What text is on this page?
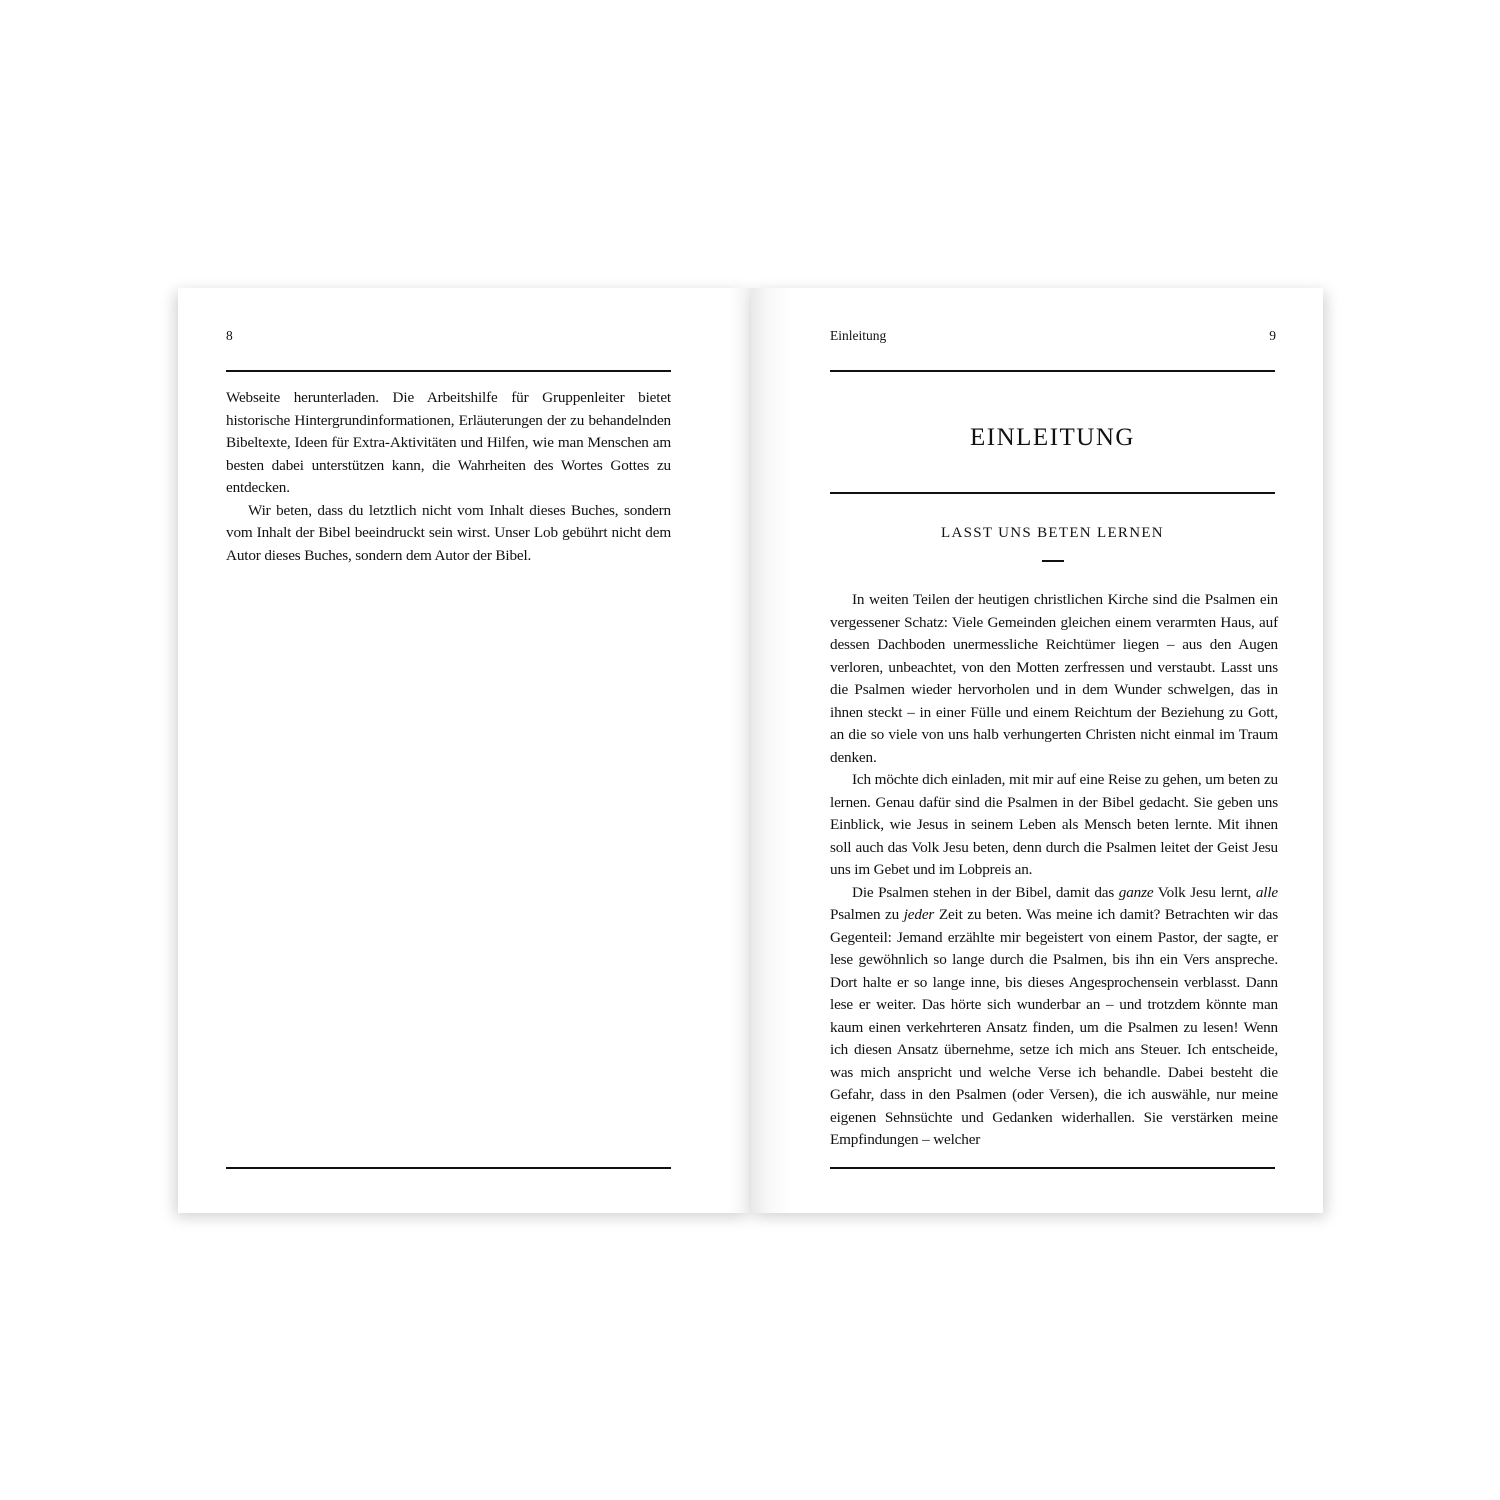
8

Webseite herunterladen. Die Arbeitshilfe für Gruppenleiter bietet historische Hintergrundinformationen, Erläuterungen der zu behandelnden Bibeltexte, Ideen für Extra-Aktivitäten und Hilfen, wie man Menschen am besten dabei unterstützen kann, die Wahrheiten des Wortes Gottes zu entdecken.

Wir beten, dass du letztlich nicht vom Inhalt dieses Buches, sondern vom Inhalt der Bibel beeindruckt sein wirst. Unser Lob gebührt nicht dem Autor dieses Buches, sondern dem Autor der Bibel.

Einleitung	9
EINLEITUNG
LASST UNS BETEN LERNEN

In weiten Teilen der heutigen christlichen Kirche sind die Psalmen ein vergessener Schatz: Viele Gemeinden gleichen einem verarmten Haus, auf dessen Dachboden unermessliche Reichtümer liegen – aus den Augen verloren, unbeachtet, von den Motten zerfressen und verstaubt. Lasst uns die Psalmen wieder hervorholen und in dem Wunder schwelgen, das in ihnen steckt – in einer Fülle und einem Reichtum der Beziehung zu Gott, an die so viele von uns halb verhungerten Christen nicht einmal im Traum denken.

Ich möchte dich einladen, mit mir auf eine Reise zu gehen, um beten zu lernen. Genau dafür sind die Psalmen in der Bibel gedacht. Sie geben uns Einblick, wie Jesus in seinem Leben als Mensch beten lernte. Mit ihnen soll auch das Volk Jesu beten, denn durch die Psalmen leitet der Geist Jesu uns im Gebet und im Lobpreis an.

Die Psalmen stehen in der Bibel, damit das ganze Volk Jesu lernt, alle Psalmen zu jeder Zeit zu beten. Was meine ich damit? Betrachten wir das Gegenteil: Jemand erzählte mir begeistert von einem Pastor, der sagte, er lese gewöhnlich so lange durch die Psalmen, bis ihn ein Vers anspreche. Dort halte er so lange inne, bis dieses Angesprochensein verblasst. Dann lese er weiter. Das hörte sich wunderbar an – und trotzdem könnte man kaum einen verkehrteren Ansatz finden, um die Psalmen zu lesen! Wenn ich diesen Ansatz übernehme, setze ich mich ans Steuer. Ich entscheide, was mich anspricht und welche Verse ich behandle. Dabei besteht die Gefahr, dass in den Psalmen (oder Versen), die ich auswähle, nur meine eigenen Sehnsüchte und Gedanken widerhallen. Sie verstärken meine Empfindungen – welcher
